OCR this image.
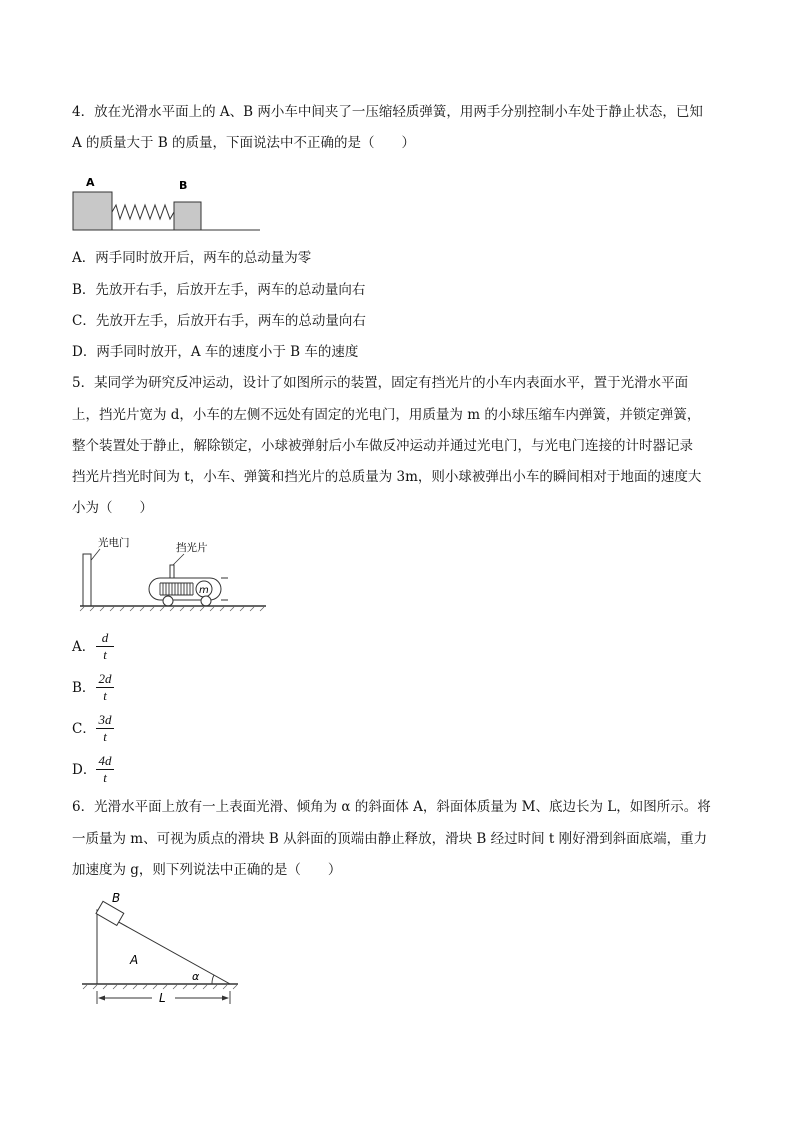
4．放在光滑水平面上的 A、B 两小车中间夹了一压缩轻质弹簧，用两手分别控制小车处于静止状态，已知
A 的质量大于 B 的质量，下面说法中不正确的是（　　）
A	B
A．两手同时放开后，两车的总动量为零
B．先放开右手，后放开左手，两车的总动量向右
C．先放开左手，后放开右手，两车的总动量向右
D．两手同时放开，A 车的速度小于 B 车的速度
5．某同学为研究反冲运动，设计了如图所示的装置，固定有挡光片的小车内表面水平，置于光滑水平面
上，挡光片宽为 d，小车的左侧不远处有固定的光电门，用质量为 m 的小球压缩车内弹簧，并锁定弹簧，
整个装置处于静止，解除锁定，小球被弹射后小车做反冲运动并通过光电门，与光电门连接的计时器记录
挡光片挡光时间为 t，小车、弹簧和挡光片的总质量为 3m，则小球被弹出小车的瞬间相对于地面的速度大
小为（　　）
光电门	挡光片
m
A． $\frac{d}{t}$
B． $\frac{2d}{t}$
C． $\frac{3d}{t}$
D． $\frac{4d}{t}$
6．光滑水平面上放有一上表面光滑、倾角为 α 的斜面体 A，斜面体质量为 M、底边长为 L，如图所示。将
一质量为 m、可视为质点的滑块 B 从斜面的顶端由静止释放，滑块 B 经过时间 t 刚好滑到斜面底端，重力
加速度为 g，则下列说法中正确的是（　　）
B
A
α
L
